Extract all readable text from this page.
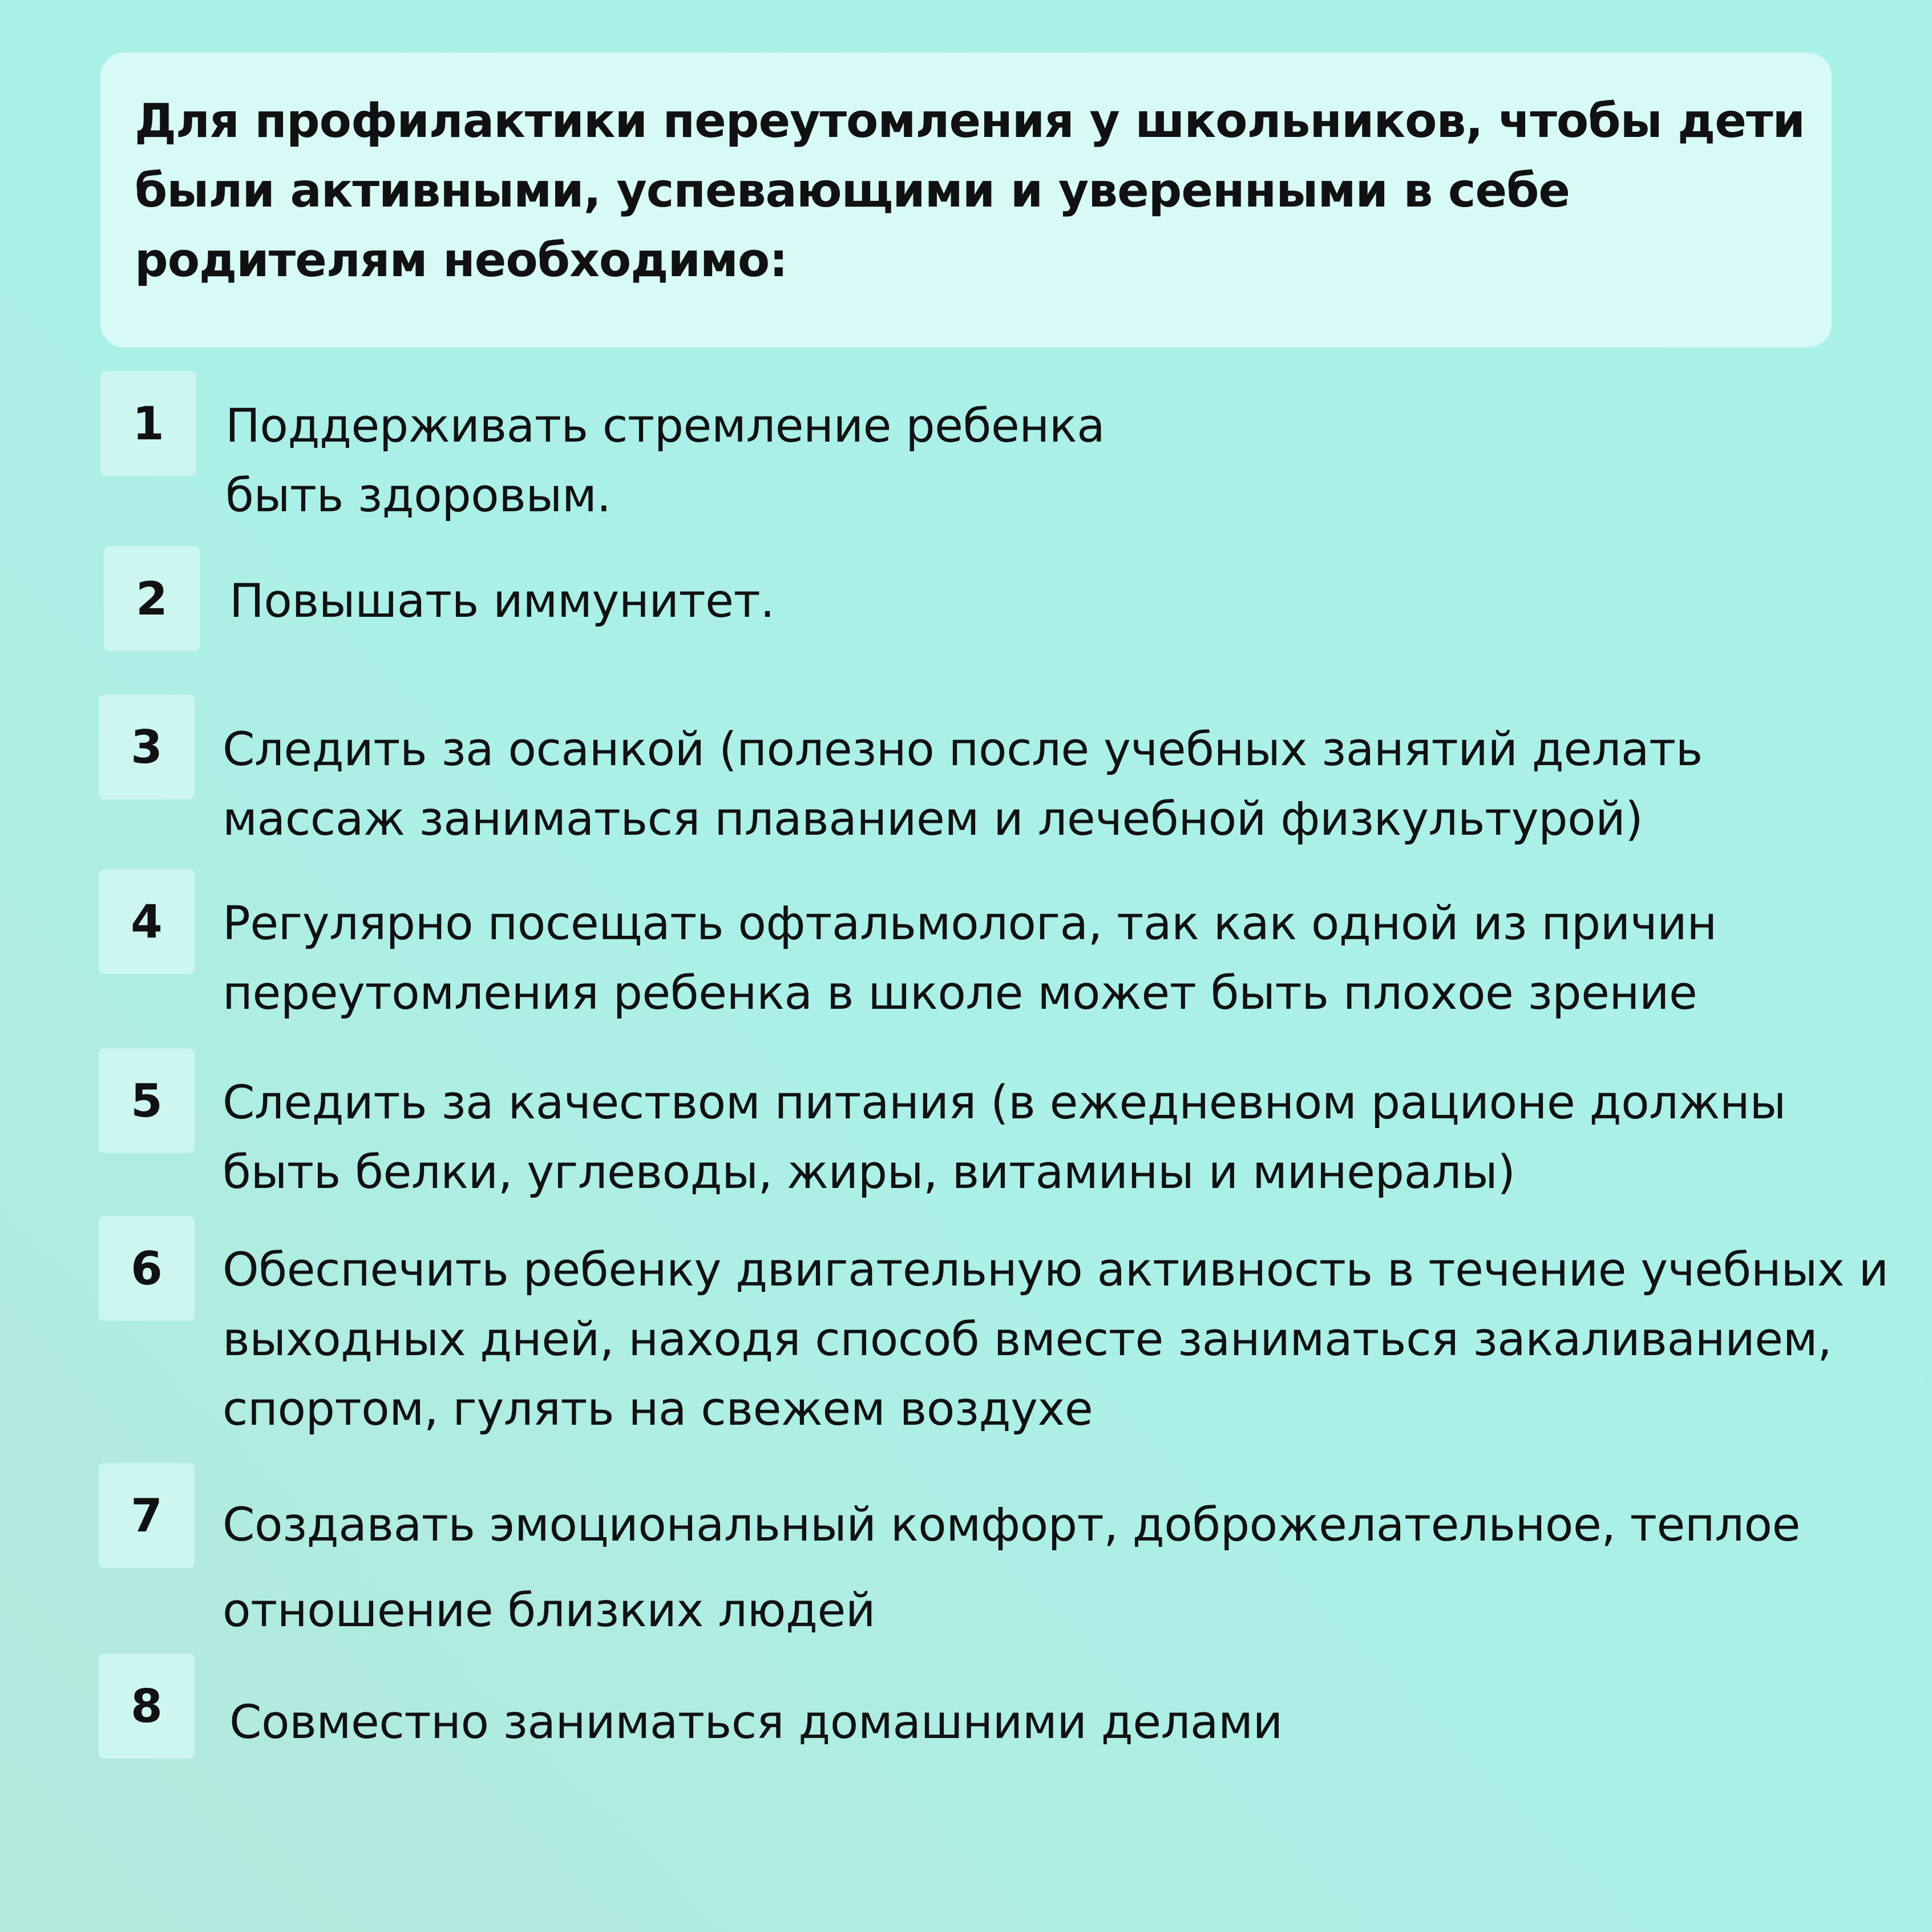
Для профилактики переутомления у школьников, чтобы дети
были активными, успевающими и уверенными в себе
родителям необходимо:
1	Поддерживать стремление ребенка
быть здоровым.
2	Повышать иммунитет.
3	Следить за осанкой (полезно после учебных занятий делать
массаж заниматься плаванием и лечебной физкультурой)
4	Регулярно посещать офтальмолога, так как одной из причин
переутомления ребенка в школе может быть плохое зрение
5	Следить за качеством питания (в ежедневном рационе должны
быть белки, углеводы, жиры, витамины и минералы)
6	Обеспечить ребенку двигательную активность в течение учебных и
выходных дней, находя способ вместе заниматься закаливанием,
спортом, гулять на свежем воздухе
7	Создавать эмоциональный комфорт, доброжелательное, теплое
отношение близких людей
8	Совместно заниматься домашними делами
